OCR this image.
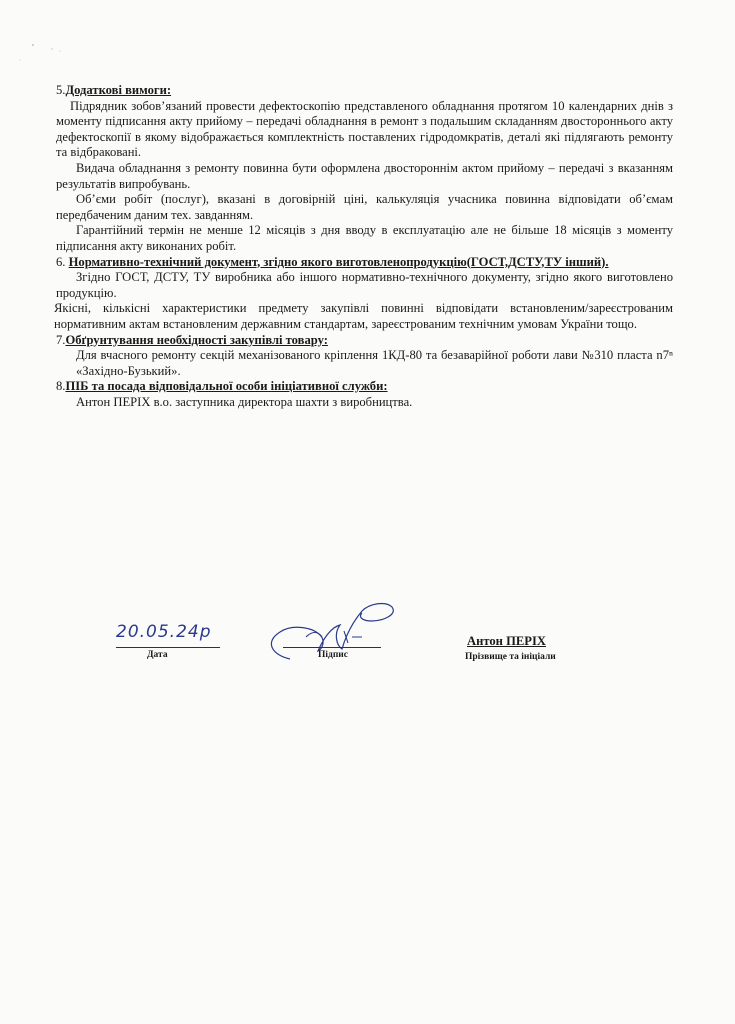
5.Додаткові вимоги:

Підрядник зобов’язаний провести дефектоскопію представленого обладнання протягом 10 календарних днів з моменту підписання акту прийому – передачі обладнання в ремонт з подальшим складанням двостороннього акту дефектоскопії в якому відображається комплектність поставлених гідродомкратів, деталі які підлягають ремонту та відбраковані.

Видача обладнання з ремонту повинна бути оформлена двостороннім актом прийому – передачі з вказанням результатів випробувань.

Об’єми робіт (послуг), вказані в договірній ціні, калькуляція учасника повинна відповідати об’ємам передбаченим даним тех. завданням.

Гарантійний термін не менше 12 місяців з дня вводу в експлуатацію але не більше 18 місяців з моменту підписання акту виконаних робіт.

6. Нормативно-технічний документ, згідно якого виготовленопродукцію(ГОСТ,ДСТУ,ТУ інший).

Згідно ГОСТ, ДСТУ, ТУ виробника або іншого нормативно-технічного документу, згідно якого виготовлено продукцію.

Якісні, кількісні характеристики предмету закупівлі повинні відповідати встановленим/зареєстрованим нормативним актам встановленим державним стандартам, зареєстрованим технічним умовам України тощо.

7.Обґрунтування необхідності закупівлі товару:

Для вчасного ремонту секцій механізованого кріплення 1КД-80 та безаварійної роботи лави №310 пласта n7ⁿ «Західно-Бузький».

8.ПІБ та посада відповідальної особи ініціативної служби:

Антон ПЕРІХ в.о. заступника директора шахти з виробництва.

20.05.24р
Дата	Підпис
Антон ПЕРІХ
Прізвище та ініціали
